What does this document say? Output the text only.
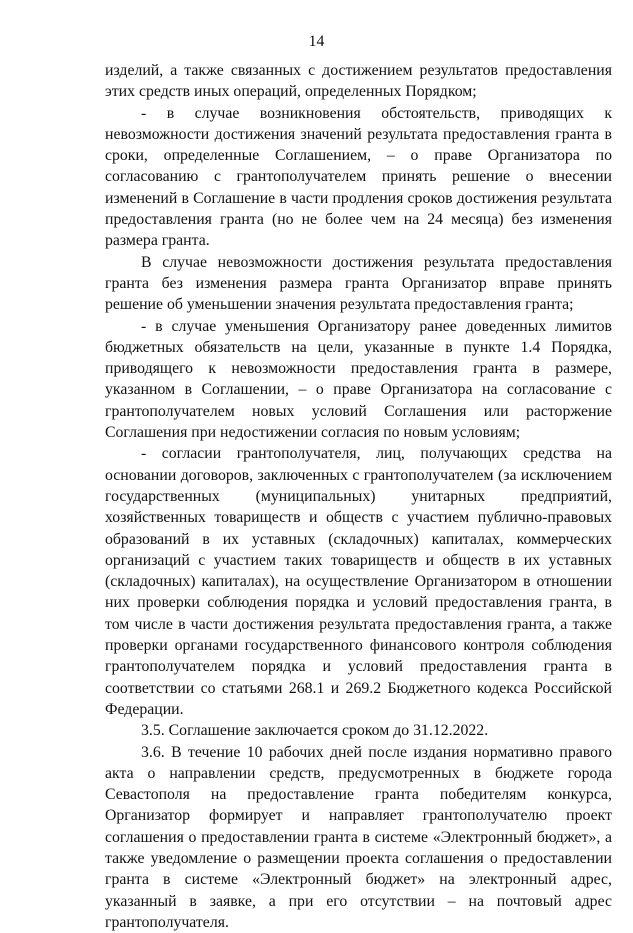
14

изделий, а также связанных с достижением результатов предоставления этих средств иных операций, определенных Порядком;

- в случае возникновения обстоятельств, приводящих к невозможности достижения значений результата предоставления гранта в сроки, определенные Соглашением, – о праве Организатора по согласованию с грантополучателем принять решение о внесении изменений в Соглашение в части продления сроков достижения результата предоставления гранта (но не более чем на 24 месяца) без изменения размера гранта.

В случае невозможности достижения результата предоставления гранта без изменения размера гранта Организатор вправе принять решение об уменьшении значения результата предоставления гранта;

- в случае уменьшения Организатору ранее доведенных лимитов бюджетных обязательств на цели, указанные в пункте 1.4 Порядка, приводящего к невозможности предоставления гранта в размере, указанном в Соглашении, – о праве Организатора на согласование с грантополучателем новых условий Соглашения или расторжение Соглашения при недостижении согласия по новым условиям;

- согласии грантополучателя, лиц, получающих средства на основании договоров, заключенных с грантополучателем (за исключением государственных (муниципальных) унитарных предприятий, хозяйственных товариществ и обществ с участием публично-правовых образований в их уставных (складочных) капиталах, коммерческих организаций с участием таких товариществ и обществ в их уставных (складочных) капиталах), на осуществление Организатором в отношении них проверки соблюдения порядка и условий предоставления гранта, в том числе в части достижения результата предоставления гранта, а также проверки органами государственного финансового контроля соблюдения грантополучателем порядка и условий предоставления гранта в соответствии со статьями 268.1 и 269.2 Бюджетного кодекса Российской Федерации.

3.5. Соглашение заключается сроком до 31.12.2022.

3.6. В течение 10 рабочих дней после издания нормативно правого акта о направлении средств, предусмотренных в бюджете города Севастополя на предоставление гранта победителям конкурса, Организатор формирует и направляет грантополучателю проект соглашения о предоставлении гранта в системе «Электронный бюджет», а также уведомление о размещении проекта соглашения о предоставлении гранта в системе «Электронный бюджет» на электронный адрес, указанный в заявке, а при его отсутствии – на почтовый адрес грантополучателя.
